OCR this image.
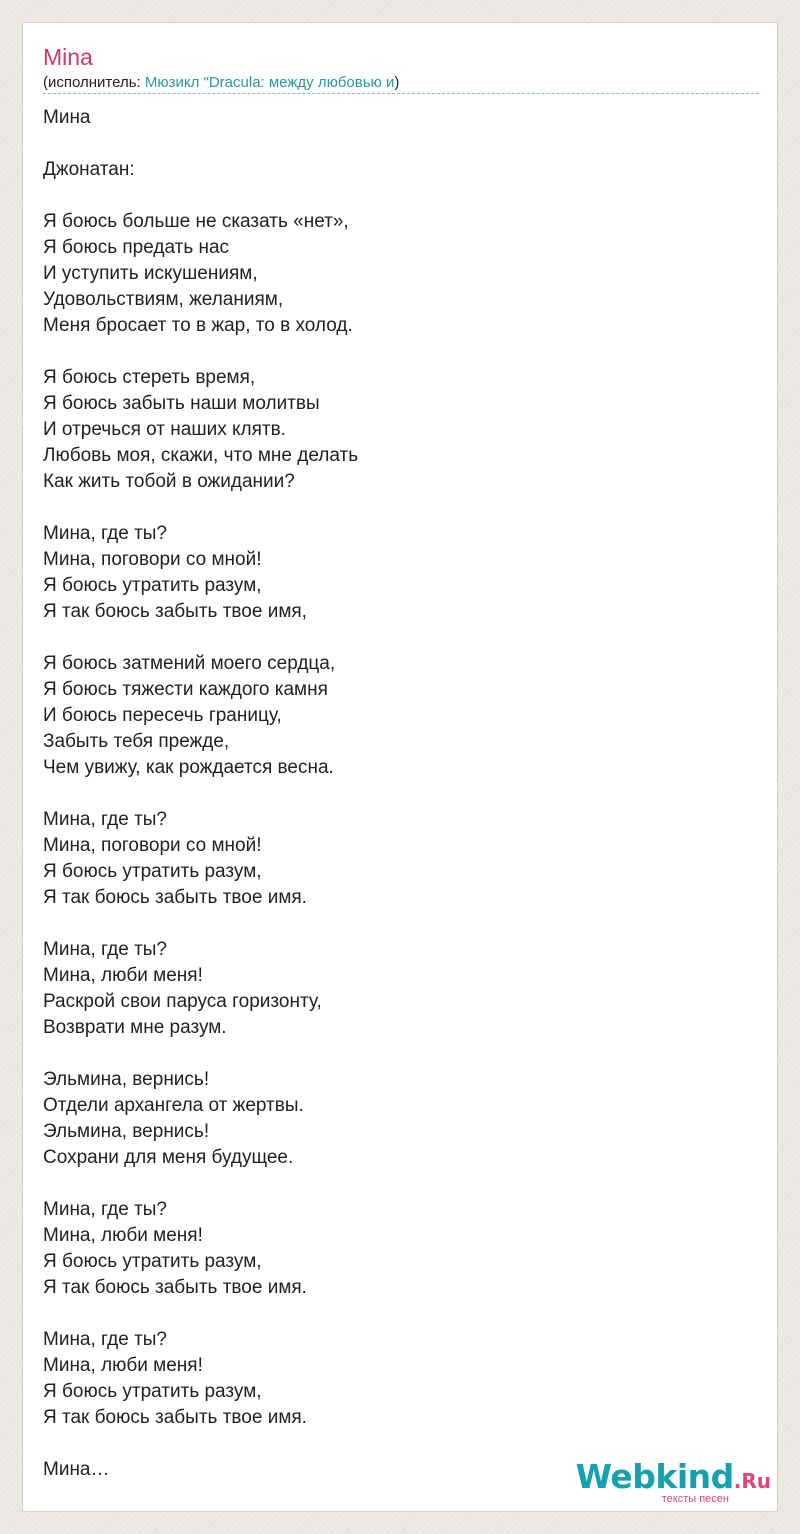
Mina
(исполнитель: Мюзикл "Dracula: между любовью и)
Мина
Джонатан:
Я боюсь больше не сказать «нет»,
Я боюсь предать нас
И уступить искушениям,
Удовольствиям, желаниям,
Меня бросает то в жар, то в холод.
Я боюсь стереть время,
Я боюсь забыть наши молитвы
И отречься от наших клятв.
Любовь моя, скажи, что мне делать
Как жить тобой в ожидании?
Мина, где ты?
Мина, поговори со мной!
Я боюсь утратить разум,
Я так боюсь забыть твое имя,
Я боюсь затмений моего сердца,
Я боюсь тяжести каждого камня
И боюсь пересечь границу,
Забыть тебя прежде,
Чем увижу, как рождается весна.
Мина, где ты?
Мина, поговори со мной!
Я боюсь утратить разум,
Я так боюсь забыть твое имя.
Мина, где ты?
Мина, люби меня!
Раскрой свои паруса горизонту,
Возврати мне разум.
Эльмина, вернись!
Отдели архангела от жертвы.
Эльмина, вернись!
Сохрани для меня будущее.
Мина, где ты?
Мина, люби меня!
Я боюсь утратить разум,
Я так боюсь забыть твое имя.
Мина, где ты?
Мина, люби меня!
Я боюсь утратить разум,
Я так боюсь забыть твое имя.
Мина…	Webkind.Ru
тексты песен
